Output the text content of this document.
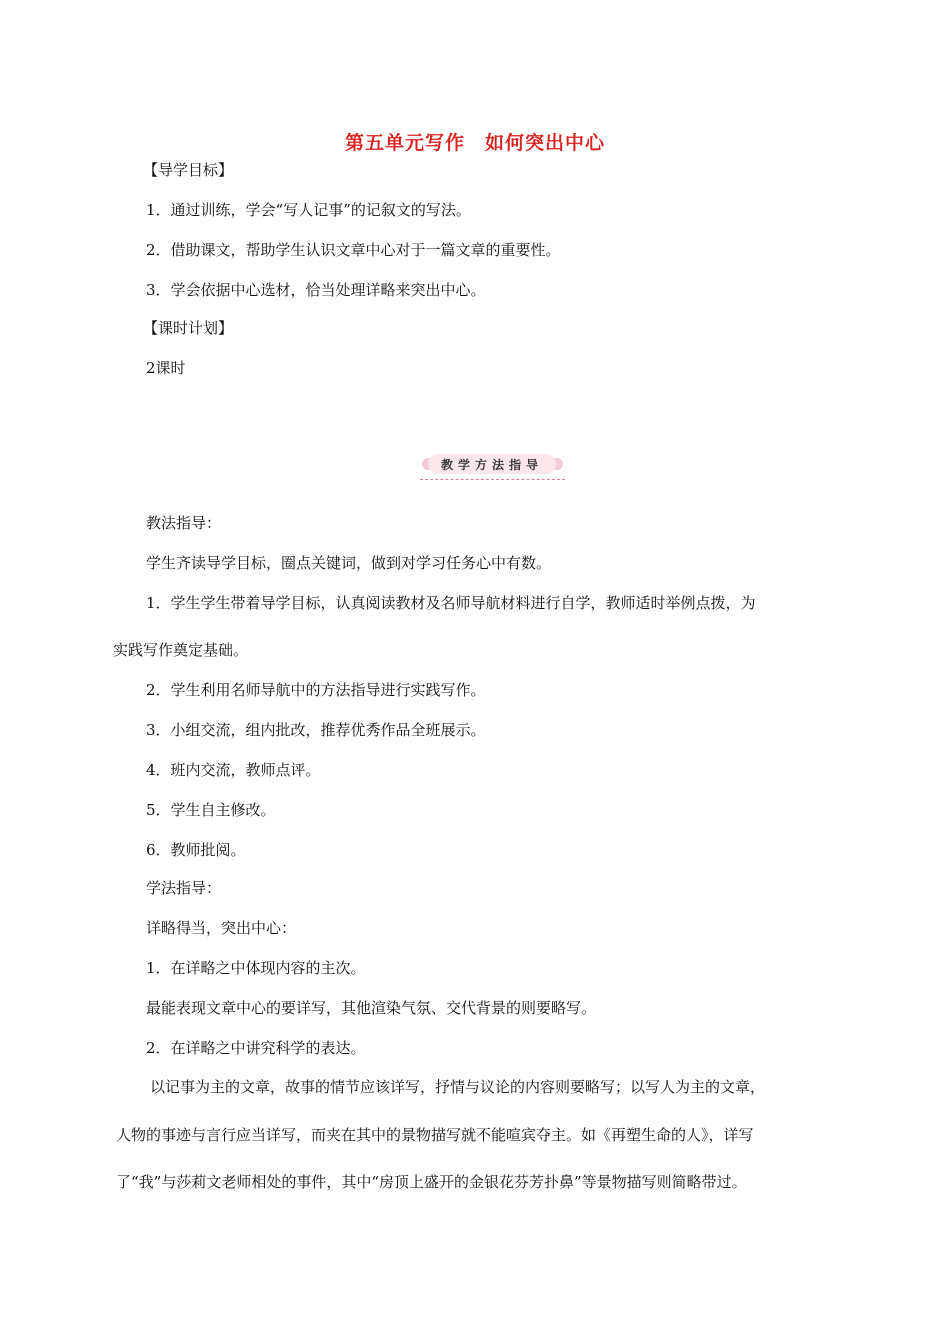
第五单元写作　如何突出中心
【导学目标】
1．通过训练，学会“写人记事”的记叙文的写法。
2．借助课文，帮助学生认识文章中心对于一篇文章的重要性。
3．学会依据中心选材，恰当处理详略来突出中心。
【课时计划】
2课时
教学方法指导
教法指导：
学生齐读导学目标，圈点关键词，做到对学习任务心中有数。
1．学生学生带着导学目标，认真阅读教材及名师导航材料进行自学，教师适时举例点拨，为
实践写作奠定基础。
2．学生利用名师导航中的方法指导进行实践写作。
3．小组交流，组内批改，推荐优秀作品全班展示。
4．班内交流，教师点评。
5．学生自主修改。
6．教师批阅。
学法指导：
详略得当，突出中心：
1．在详略之中体现内容的主次。
最能表现文章中心的要详写，其他渲染气氛、交代背景的则要略写。
2．在详略之中讲究科学的表达。
以记事为主的文章，故事的情节应该详写，抒情与议论的内容则要略写；以写人为主的文章，
人物的事迹与言行应当详写，而夹在其中的景物描写就不能喧宾夺主。如《再塑生命的人》，详写
了“我”与莎莉文老师相处的事件，其中“房顶上盛开的金银花芬芳扑鼻”等景物描写则简略带过。
